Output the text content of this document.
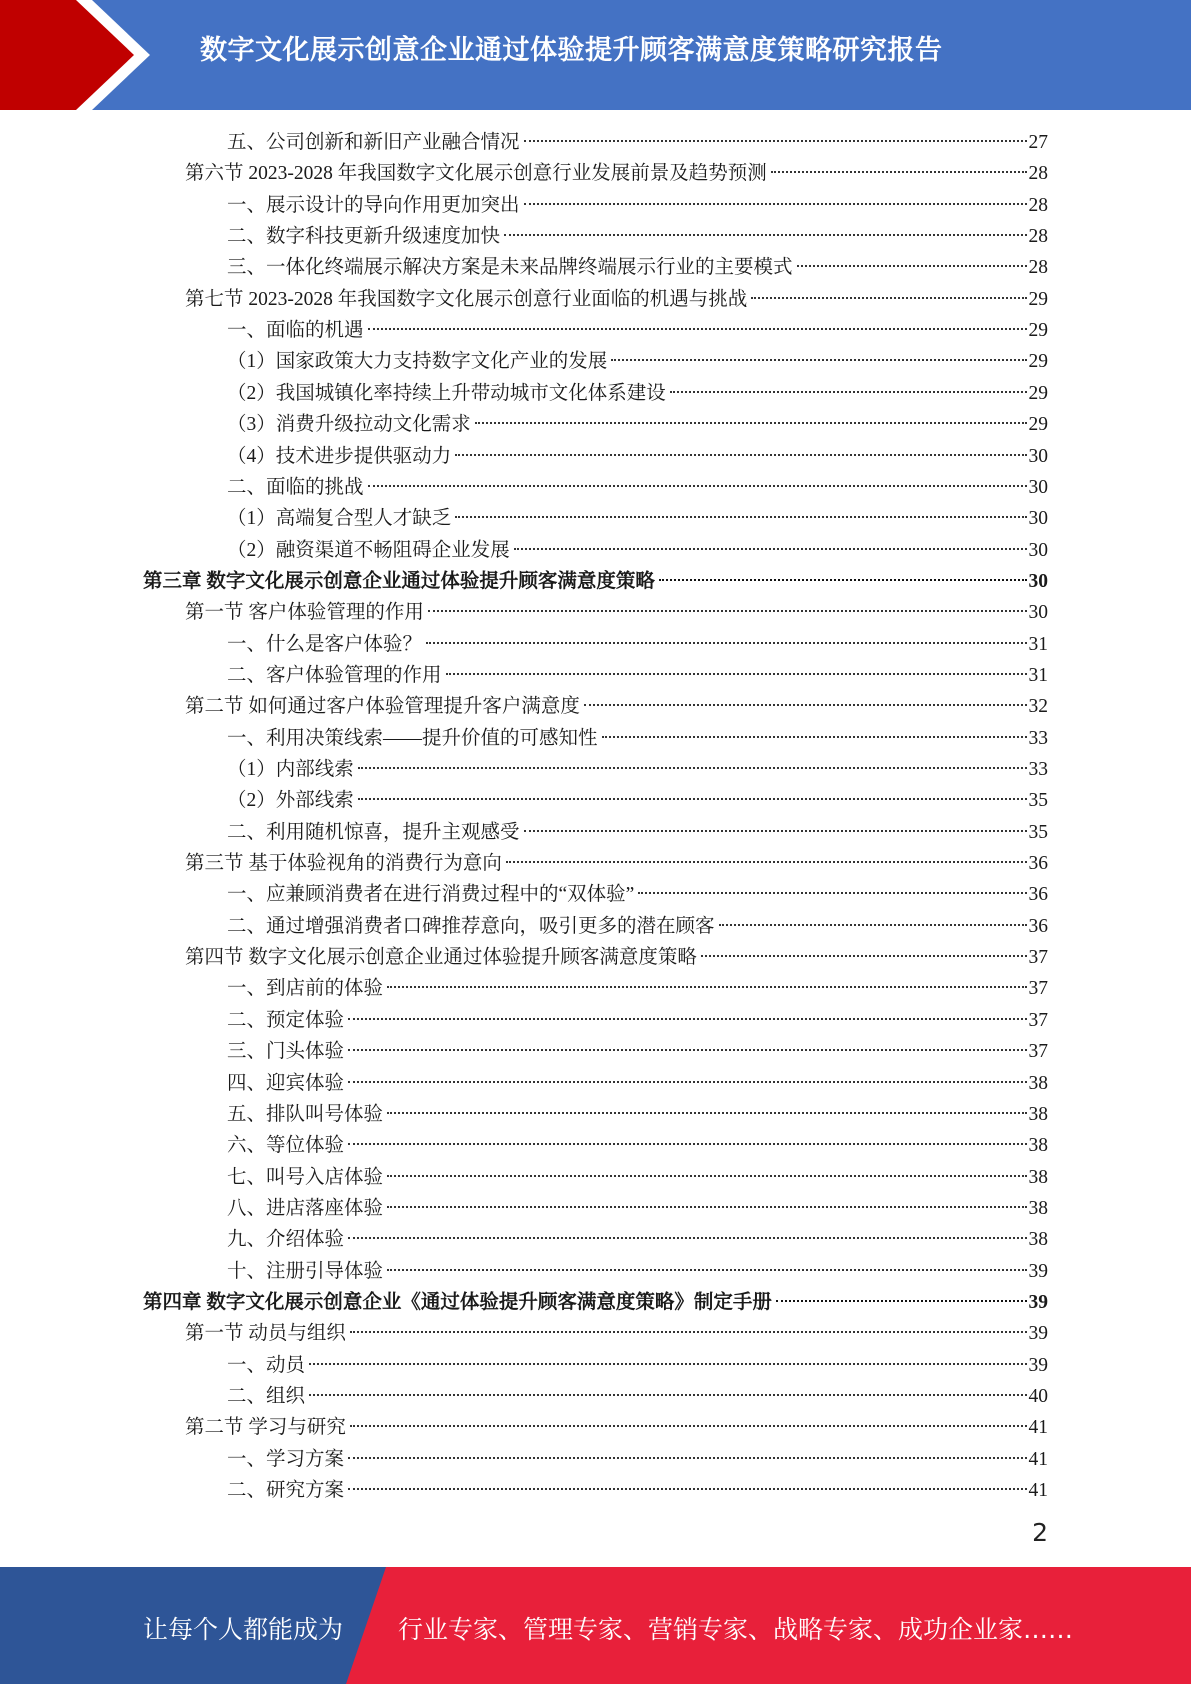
数字文化展示创意企业通过体验提升顾客满意度策略研究报告
五、公司创新和新旧产业融合情况	27
第六节 2023-2028 年我国数字文化展示创意行业发展前景及趋势预测	28
一、展示设计的导向作用更加突出	28
二、数字科技更新升级速度加快	28
三、一体化终端展示解决方案是未来品牌终端展示行业的主要模式	28
第七节 2023-2028 年我国数字文化展示创意行业面临的机遇与挑战	29
一、面临的机遇	29
（1）国家政策大力支持数字文化产业的发展	29
（2）我国城镇化率持续上升带动城市文化体系建设	29
（3）消费升级拉动文化需求	29
（4）技术进步提供驱动力	30
二、面临的挑战	30
（1）高端复合型人才缺乏	30
（2）融资渠道不畅阻碍企业发展	30
第三章 数字文化展示创意企业通过体验提升顾客满意度策略	30
第一节 客户体验管理的作用	30
一、什么是客户体验？	31
二、客户体验管理的作用	31
第二节 如何通过客户体验管理提升客户满意度	32
一、利用决策线索——提升价值的可感知性	33
（1）内部线索	33
（2）外部线索	35
二、利用随机惊喜，提升主观感受	35
第三节 基于体验视角的消费行为意向	36
一、应兼顾消费者在进行消费过程中的“双体验”	36
二、通过增强消费者口碑推荐意向，吸引更多的潜在顾客	36
第四节 数字文化展示创意企业通过体验提升顾客满意度策略	37
一、到店前的体验	37
二、预定体验	37
三、门头体验	37
四、迎宾体验	38
五、排队叫号体验	38
六、等位体验	38
七、叫号入店体验	38
八、进店落座体验	38
九、介绍体验	38
十、注册引导体验	39
第四章 数字文化展示创意企业《通过体验提升顾客满意度策略》制定手册	39
第一节 动员与组织	39
一、动员	39
二、组织	40
第二节 学习与研究	41
一、学习方案	41
二、研究方案	41
2
让每个人都能成为 行业专家、管理专家、营销专家、战略专家、成功企业家……
